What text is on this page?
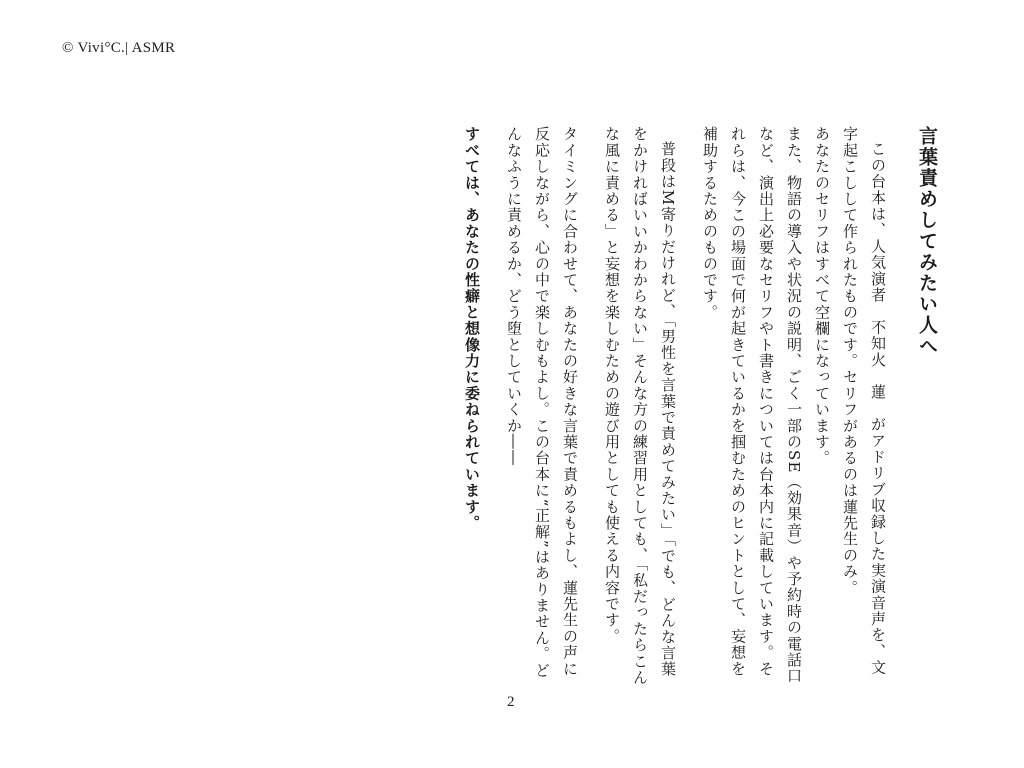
© Vivi°C.| ASMR
言葉責めしてみたい人へ

この台本は、人気演者　不知火　蓮　がアドリブ収録した実演音声を、文字起こしして作られたものです。セリフがあるのは蓮先生のみ。

あなたのセリフはすべて空欄になっています。

また、物語の導入や状況の説明、ごく一部のSE（効果音）や予約時の電話口など、演出上必要なセリフやト書きについては台本内に記載しています。それらは、今この場面で何が起きているかを掴むためのヒントとして、妄想を補助するためのものです。

普段はM寄りだけれど、「男性を言葉で責めてみたい」「でも、どんな言葉をかければいいかわからない」そんな方の練習用としても、「私だったらこんな風に責める」と妄想を楽しむための遊び用としても使える内容です。

タイミングに合わせて、あなたの好きな言葉で責めるもよし、蓮先生の声に反応しながら、心の中で楽しむもよし。この台本に“正解”はありません。どんなふうに責めるか、どう堕としていくか――

すべては、あなたの性癖と想像力に委ねられています。

2
